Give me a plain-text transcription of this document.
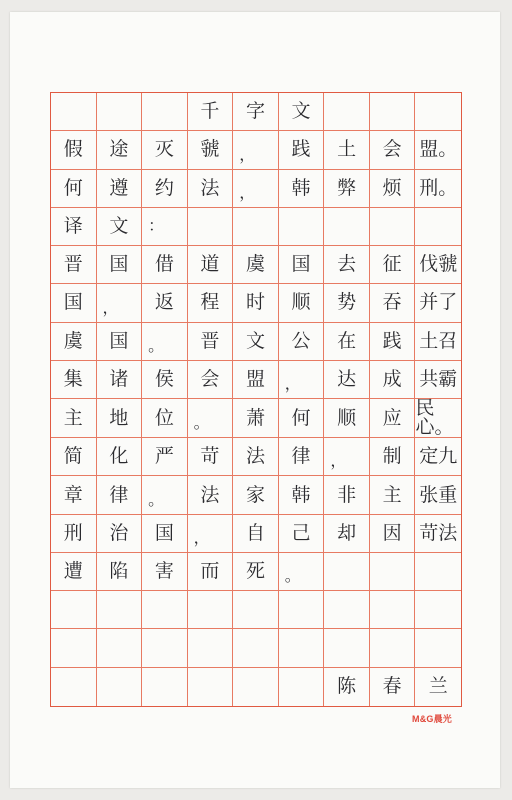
千 字 文
假 途 灭 虢 ， 践 土 会 盟。
何 遵 约 法 ， 韩 弊 烦 刑。
译 文 ：
晋 国 借 道 虞 国 去 征 伐虢
国 ， 返 程 时 顺 势 吞 并了
虞 国 。 晋 文 公 在 践 土召
集 诸 侯 会 盟 ， 达 成 共霸
主 地 位 。 萧 何 顺 应 民心。
简 化 严 苛 法 律 ， 制 定九
章 律 。 法 家 韩 非 主 张重
刑 治 国 ， 自 己 却 因 苛法
遭 陷 害 而 死 。
陈 春 兰
M&G晨光
